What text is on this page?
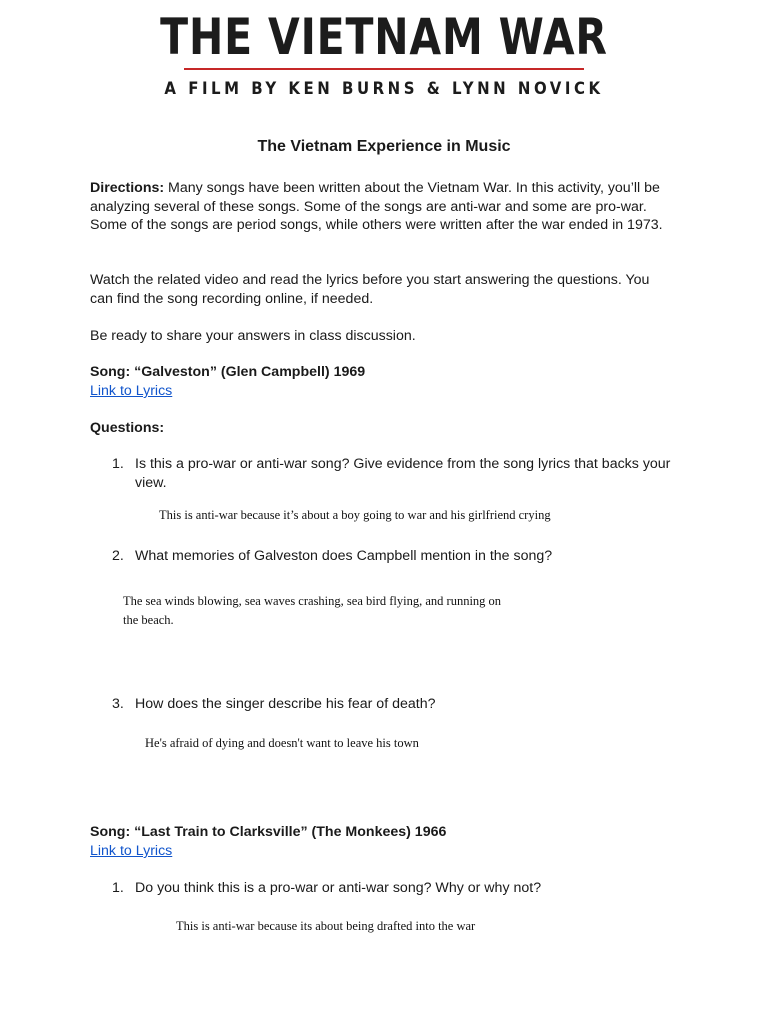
THE VIETNAM WAR
A FILM BY KEN BURNS & LYNN NOVICK
The Vietnam Experience in Music
Directions: Many songs have been written about the Vietnam War. In this activity, you’ll be analyzing several of these songs. Some of the songs are anti-war and some are pro-war. Some of the songs are period songs, while others were written after the war ended in 1973.
Watch the related video and read the lyrics before you start answering the questions. You can find the song recording online, if needed.
Be ready to share your answers in class discussion.
Song: “Galveston” (Glen Campbell) 1969
Link to Lyrics
Questions:
1. Is this a pro-war or anti-war song? Give evidence from the song lyrics that backs your view.
This is anti-war because it’s about a boy going to war and his girlfriend crying
2. What memories of Galveston does Campbell mention in the song?
The sea winds blowing, sea waves crashing, sea bird flying, and running on
the beach.
3. How does the singer describe his fear of death?
He's afraid of dying and doesn't want to leave his town
Song: “Last Train to Clarksville” (The Monkees) 1966
Link to Lyrics
1. Do you think this is a pro-war or anti-war song? Why or why not?
This is anti-war because its about being drafted into the war
